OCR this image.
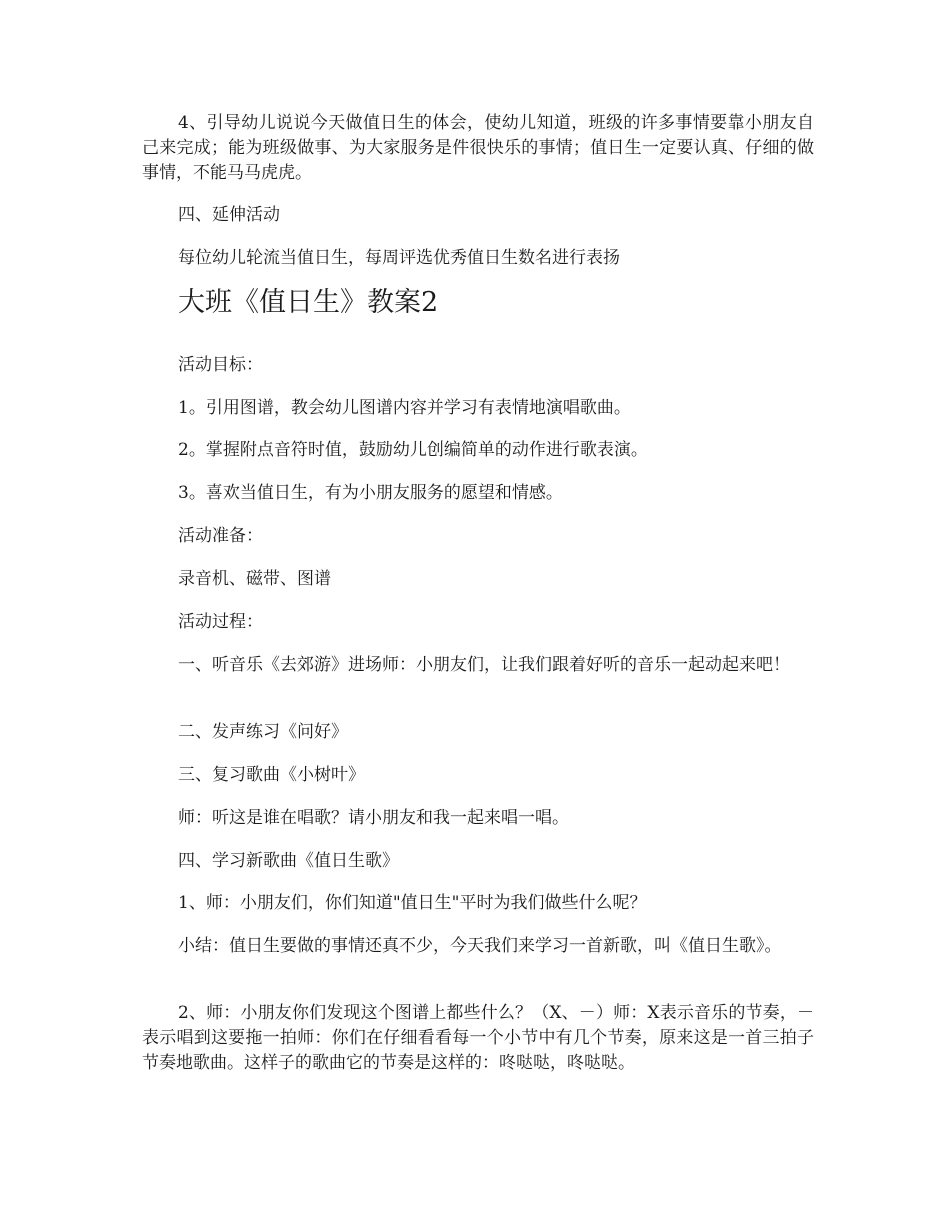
4、引导幼儿说说今天做值日生的体会，使幼儿知道，班级的许多事情要靠小朋友自己来完成；能为班级做事、为大家服务是件很快乐的事情；值日生一定要认真、仔细的做事情，不能马马虎虎。
四、延伸活动
每位幼儿轮流当值日生，每周评选优秀值日生数名进行表扬
大班《值日生》教案2
活动目标：
1。引用图谱，教会幼儿图谱内容并学习有表情地演唱歌曲。
2。掌握附点音符时值，鼓励幼儿创编简单的动作进行歌表演。
3。喜欢当值日生，有为小朋友服务的愿望和情感。
活动准备：
录音机、磁带、图谱
活动过程：
一、听音乐《去郊游》进场师：小朋友们，让我们跟着好听的音乐一起动起来吧！
二、发声练习《问好》
三、复习歌曲《小树叶》
师：听这是谁在唱歌？请小朋友和我一起来唱一唱。
四、学习新歌曲《值日生歌》
1、师：小朋友们，你们知道"值日生"平时为我们做些什么呢？
小结：值日生要做的事情还真不少，今天我们来学习一首新歌，叫《值日生歌》。
2、师：小朋友你们发现这个图谱上都些什么？（X、－）师：X表示音乐的节奏，－表示唱到这要拖一拍师：你们在仔细看看每一个小节中有几个节奏，原来这是一首三拍子节奏地歌曲。这样子的歌曲它的节奏是这样的：咚哒哒，咚哒哒。
